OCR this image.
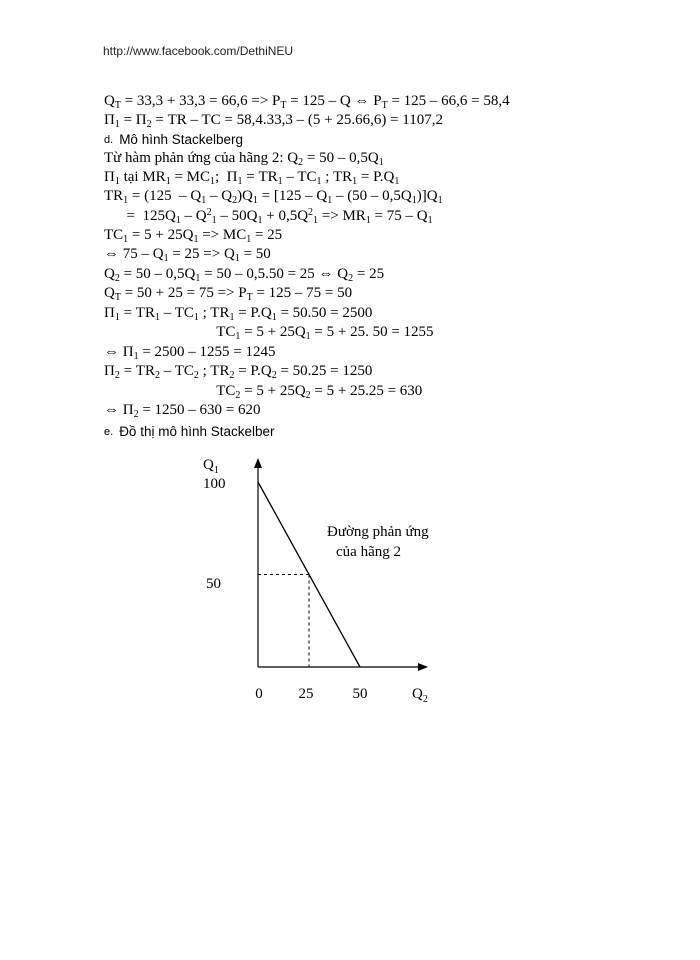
http://www.facebook.com/DethiNEU
$Q_T = 33,3 + 33,3 = 66,6 => P_T = 125 - Q$ ⇔ $P_T = 125 - 66,6 = 58,4$
$\Pi_1 = \Pi_2$ = TR – TC = 58,4.33,3 – (5 + 25.66,6) = 1107,2
d. Mô hình Stackelberg
Từ hàm phản ứng của hãng 2: $Q_2 = 50 - 0,5Q_1$
$\Pi_1$ tại $MR_1 = MC_1$;  $\Pi_1 = TR_1 - TC_1$ ; $TR_1 = P.Q_1$
$TR_1 = (125 - Q_1 - Q_2)Q_1 = [125 - Q_1 - (50 - 0,5Q_1)]Q_1$
=  $125Q_1 - Q^2_1 - 50Q_1 + 0,5Q^2_1 => MR_1 = 75 - Q_1$
$TC_1 = 5 + 25Q_1 => MC_1 = 25$
⇔ $75 - Q_1 = 25 => Q_1 = 50$
$Q_2 = 50 - 0,5Q_1 = 50 - 0,5.50 = 25$ ⇔ $Q_2 = 25$
$Q_T = 50 + 25 = 75 => P_T = 125 - 75 = 50$
$\Pi_1 = TR_1 - TC_1$ ; $TR_1 = P.Q_1 = 50.50 = 2500$
$TC_1 = 5 + 25Q_1 = 5 + 25$. 50 = 1255
⇔ $\Pi_1 = 2500 - 1255 = 1245$
$\Pi_2 = TR_2 - TC_2$ ; $TR_2 = P.Q_2 = 50.25 = 1250$
$TC_2 = 5 + 25Q_2 = 5 + 25.25 = 630$
⇔ $\Pi_2 = 1250 - 630 = 620$
e. Đồ thị mô hình Stackelber
$Q_1$
$Q_2$
100
50
0 25	50
Đường phản ứng
của hãng 2
